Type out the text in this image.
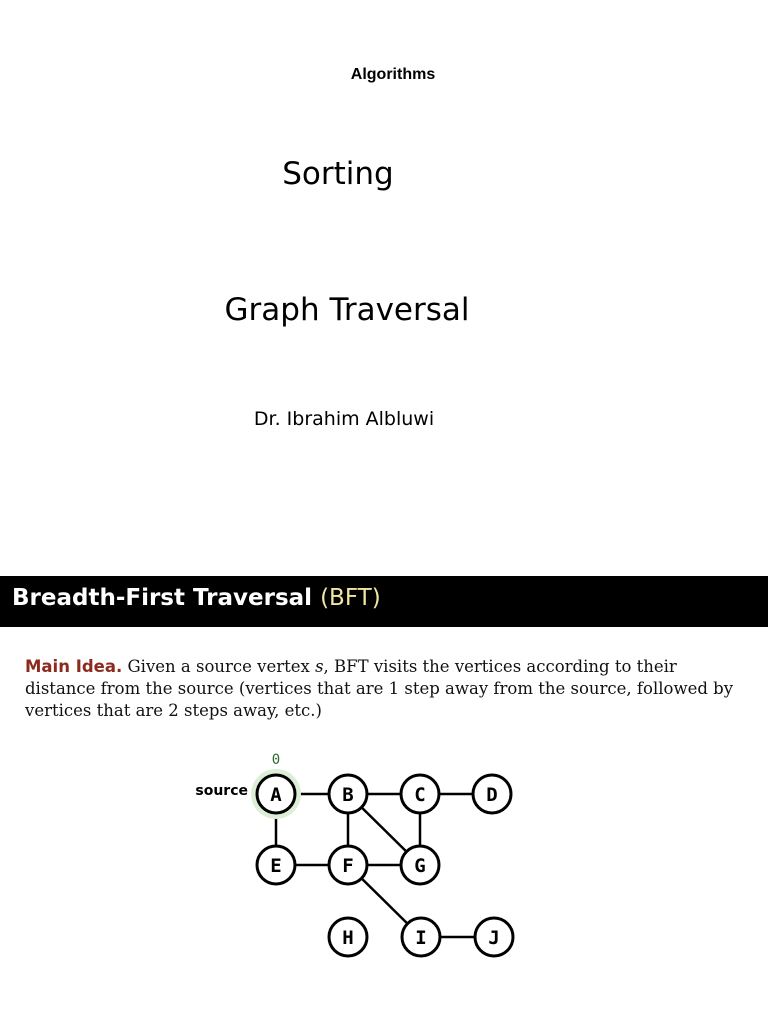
Algorithms
Sorting
Graph Traversal
Dr. Ibrahim Albluwi
Breadth-First Traversal (BFT)
Main Idea. Given a source vertex s, BFT visits the vertices according to their distance from the source (vertices that are 1 step away from the source, followed by vertices that are 2 steps away, etc.)
A	B	C	D
E	F	G
H	I	J
source
0
